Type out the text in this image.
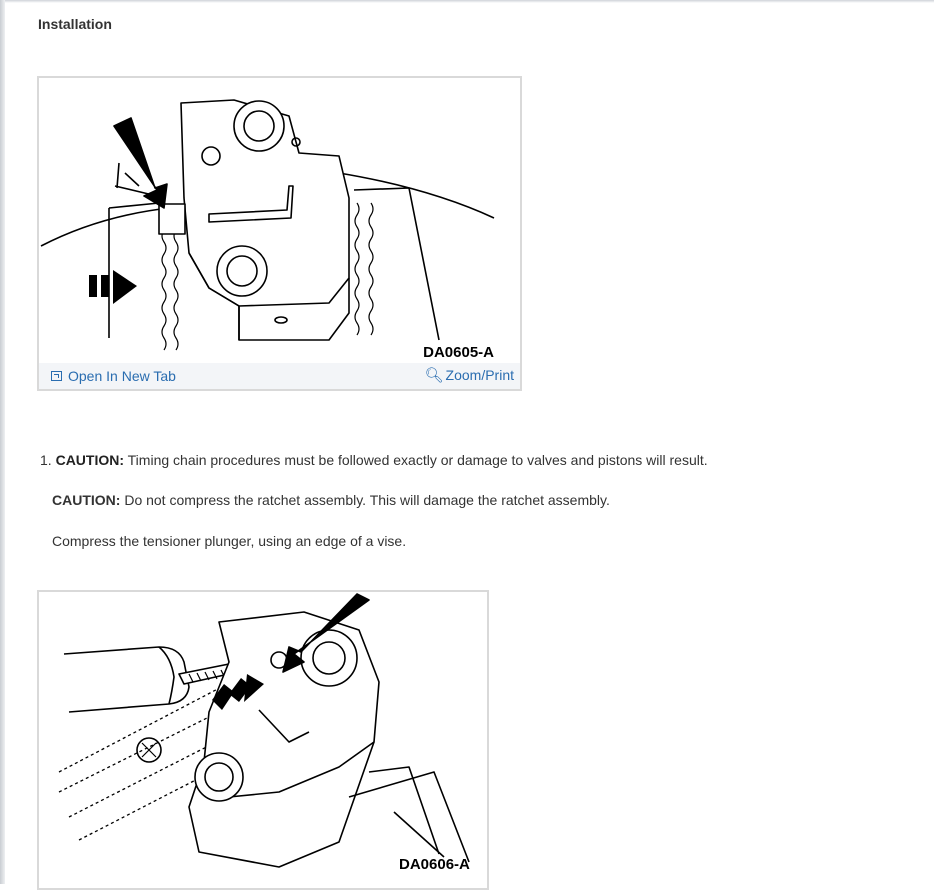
Installation
DA0605-A
Open In New Tab	🔍︎ Zoom/Print

1. CAUTION: Timing chain procedures must be followed exactly or damage to valves and pistons will result.

CAUTION: Do not compress the ratchet assembly. This will damage the ratchet assembly.

Compress the tensioner plunger, using an edge of a vise.

DA0606-A
